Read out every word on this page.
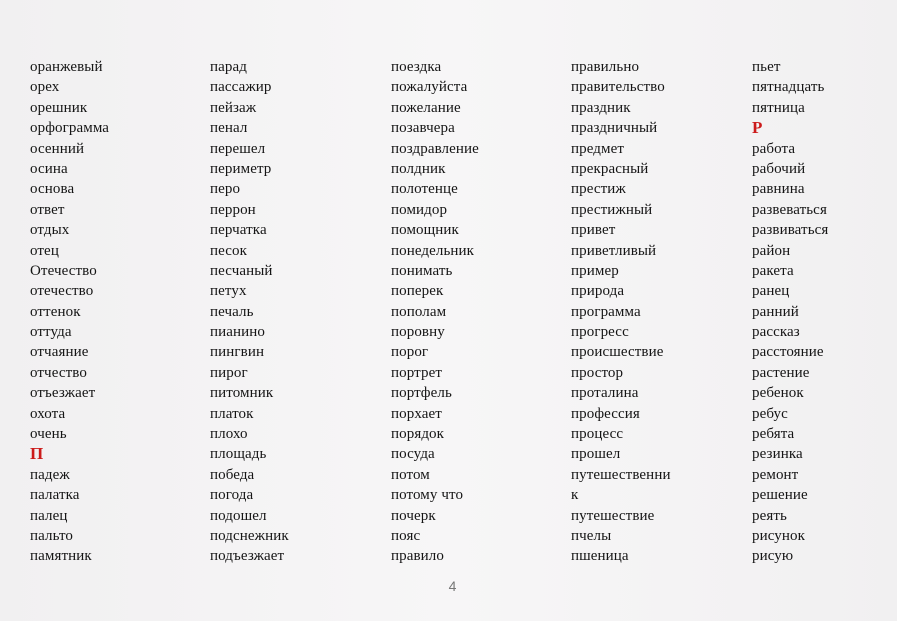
оранжевый
орех
орешник
орфограмма
осенний
осина
основа
ответ
отдых
отец
Отечество
отечество
оттенок
оттуда
отчаяние
отчество
отъезжает
охота
очень
П
падеж
палатка
палец
пальто
памятник
парад
пассажир
пейзаж
пенал
перешел
периметр
перо
перрон
перчатка
песок
песчаный
петух
печаль
пианино
пингвин
пирог
питомник
платок
плохо
площадь
победа
погода
подошел
подснежник
подъезжает
поездка
пожалуйста
пожелание
позавчера
поздравление
полдник
полотенце
помидор
помощник
понедельник
понимать
поперек
пополам
поровну
порог
портрет
портфель
порхает
порядок
посуда
потом
потому что
почерк
пояс
правило
правильно
правительство
праздник
праздничный
предмет
прекрасный
престиж
престижный
привет
приветливый
пример
природа
программа
прогресс
происшествие
простор
проталина
профессия
процесс
прошел
путешественни
к
путешествие
пчелы
пшеница
пьет
пятнадцать
пятница
Р
работа
рабочий
равнина
развеваться
развиваться
район
ракета
ранец
ранний
рассказ
расстояние
растение
ребенок
ребус
ребята
резинка
ремонт
решение
реять
рисунок
рисую
4
